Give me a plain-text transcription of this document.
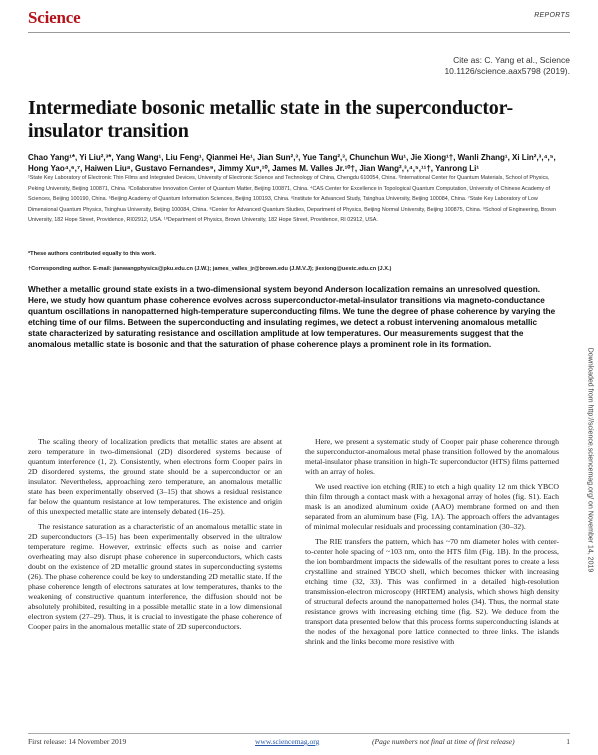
Science	REPORTS
Cite as: C. Yang et al., Science
10.1126/science.aax5798 (2019).
Intermediate bosonic metallic state in the superconductor-insulator transition
Chao Yang¹*, Yi Liu²,³*, Yang Wang¹, Liu Feng¹, Qianmei He¹, Jian Sun²,³, Yue Tang²,³, Chunchun Wu¹, Jie Xiong¹†, Wanli Zhang¹, Xi Lin²,³,⁴,⁵, Hong Yao⁴,⁶,⁷, Haiwen Liu⁸, Gustavo Fernandes⁹, Jimmy Xu⁹,¹⁰, James M. Valles Jr.¹⁰†, Jian Wang²,³,⁴,⁵,¹¹†, Yanrong Li¹
¹State Key Laboratory of Electronic Thin Films and Integrated Devices, University of Electronic Science and Technology of China, Chengdu 610054, China. ²International Center for Quantum Materials, School of Physics, Peking University, Beijing 100871, China. ³Collaborative Innovation Center of Quantum Matter, Beijing 100871, China. ⁴CAS Center for Excellence in Topological Quantum Computation, University of Chinese Academy of Sciences, Beijing 100190, China. ⁵Beijing Academy of Quantum Information Sciences, Beijing 100193, China. ⁶Institute for Advanced Study, Tsinghua University, Beijing 100084, China. ⁷State Key Laboratory of Low Dimensional Quantum Physics, Tsinghua University, Beijing 100084, China. ⁸Center for Advanced Quantum Studies, Department of Physics, Beijing Normal University, Beijing 100875, China. ⁹School of Engineering, Brown University, 182 Hope Street, Providence, RI02912, USA. ¹⁰Department of Physics, Brown University, 182 Hope Street, Providence, RI 02912, USA.
*These authors contributed equally to this work.
†Corresponding author. E-mail: jianwangphysics@pku.edu.cn (J.W.); james_valles_jr@brown.edu (J.M.V.J); jiexiong@uestc.edu.cn (J.X.)
Whether a metallic ground state exists in a two-dimensional system beyond Anderson localization remains an unresolved question. Here, we study how quantum phase coherence evolves across superconductor-metal-insulator transitions via magneto-conductance quantum oscillations in nanopatterned high-temperature superconducting films. We tune the degree of phase coherence by varying the etching time of our films. Between the superconducting and insulating regimes, we detect a robust intervening anomalous metallic state characterized by saturating resistance and oscillation amplitude at low temperatures. Our measurements suggest that the anomalous metallic state is bosonic and that the saturation of phase coherence plays a prominent role in its formation.
Downloaded from http://science.sciencemag.org/ on November 14, 2019

The scaling theory of localization predicts that metallic states are absent at zero temperature in two-dimensional (2D) disordered systems because of quantum interference (1, 2). Consistently, when electrons form Cooper pairs in 2D disordered systems, the ground state should be a superconductor or an insulator. Nevertheless, approaching zero temperature, an anomalous metallic state has been experimentally observed (3–15) that shows a residual resistance far below the quantum resistance at low temperatures. The existence and origin of this unexpected metallic state are intensely debated (16–25).

The resistance saturation as a characteristic of an anomalous metallic state in 2D superconductors (3–15) has been experimentally observed in the ultralow temperature regime. However, extrinsic effects such as noise and carrier overheating may also disrupt phase coherence in superconductors, which casts doubt on the existence of 2D metallic ground states in superconducting systems (26). The phase coherence could be key to understanding 2D metallic state. If the phase coherence length of electrons saturates at low temperatures, thanks to the weakening of constructive quantum interference, the diffusion should not be absolutely prohibited, resulting in a possible metallic state in a low dimensional electron system (27–29). Thus, it is crucial to investigate the phase coherence of Cooper pairs in the anomalous metallic state of 2D superconductors.

Here, we present a systematic study of Cooper pair phase coherence through the superconductor-anomalous metal phase transition followed by the anomalous metal-insulator phase transition in high-Tc superconductor (HTS) films patterned with an array of holes.

We used reactive ion etching (RIE) to etch a high quality 12 nm thick YBCO thin film through a contact mask with a hexagonal array of holes (fig. S1). Each mask is an anodized aluminum oxide (AAO) membrane formed on and then separated from an aluminum base (Fig. 1A). The approach offers the advantages of minimal molecular residuals and processing contamination (30–32).

The RIE transfers the pattern, which has ~70 nm diameter holes with center-to-center hole spacing of ~103 nm, onto the HTS film (Fig. 1B). In the process, the ion bombardment impacts the sidewalls of the resultant pores to create a less crystalline and strained YBCO shell, which becomes thicker with increasing etching time (32, 33). This was confirmed in a detailed high-resolution transmission-electron microscopy (HRTEM) analysis, which shows high density of structural defects around the nanopatterned holes (34). Thus, the normal state resistance grows with increasing etching time (fig. S2). We deduce from the transport data presented below that this process forms superconducting islands at the nodes of the hexagonal pore lattice connected to three links. The islands shrink and the links become more resistive with

First release: 14 November 2019	www.sciencemag.org	(Page numbers not final at time of first release)	1
